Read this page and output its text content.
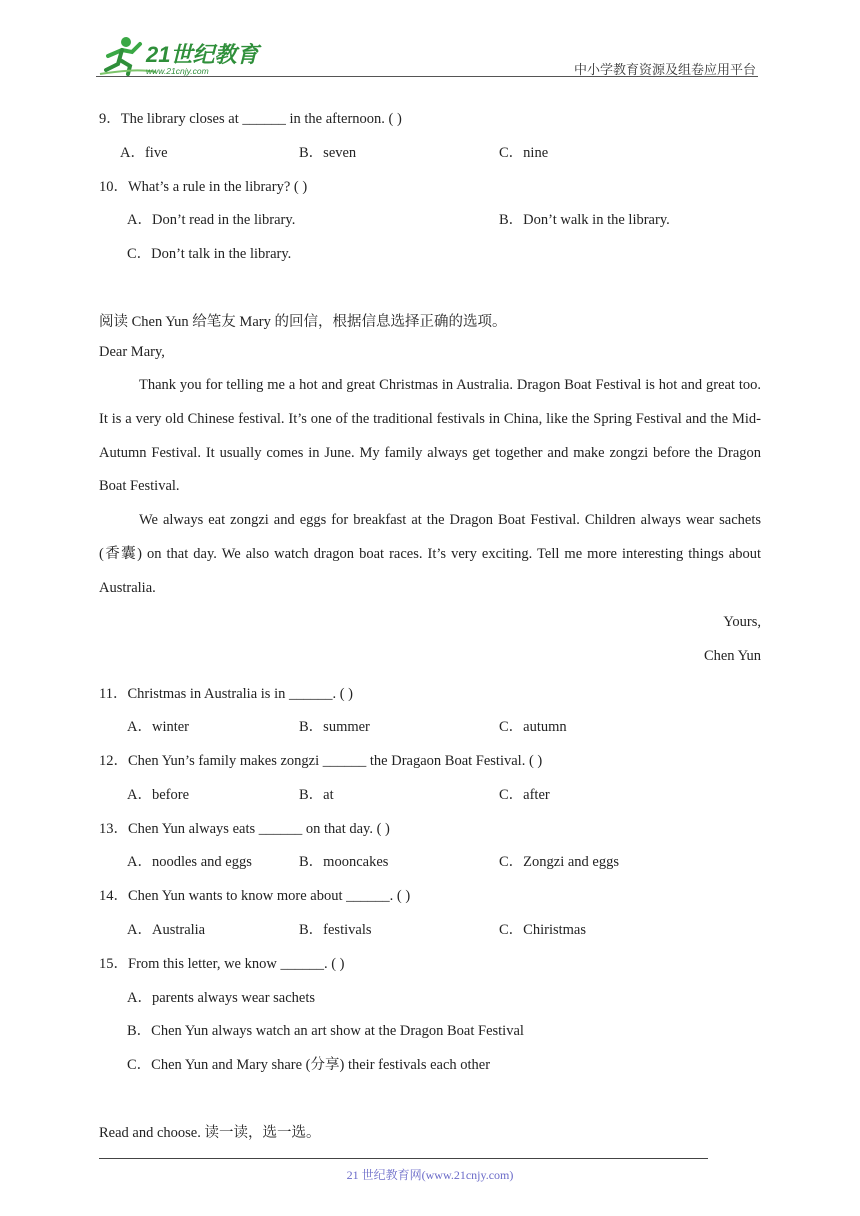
21世纪教育
www.21cnjy.com	中小学教育资源及组卷应用平台
9．The library closes at ______ in the afternoon. ( )
A．five	B．seven	C．nine
10．What’s a rule in the library? ( )
A．Don’t read in the library.	B．Don’t walk in the library.
C．Don’t talk in the library.
阅读 Chen Yun 给笔友 Mary 的回信，根据信息选择正确的选项。
Dear Mary,
Thank you for telling me a hot and great Christmas in Australia. Dragon Boat Festival is hot and great too. It is a very old Chinese festival. It’s one of the traditional festivals in China, like the Spring Festival and the Mid-Autumn Festival. It usually comes in June. My family always get together and make zongzi before the Dragon Boat Festival.
We always eat zongzi and eggs for breakfast at the Dragon Boat Festival. Children always wear sachets (香囊) on that day. We also watch dragon boat races. It’s very exciting. Tell me more interesting things about Australia.
Yours,
Chen Yun
11．Christmas in Australia is in ______. ( )
A．winter	B．summer	C．autumn
12．Chen Yun’s family makes zongzi ______ the Dragaon Boat Festival. ( )
A．before	B．at	C．after
13．Chen Yun always eats ______ on that day. ( )
A．noodles and eggs	B．mooncakes	C．Zongzi and eggs
14．Chen Yun wants to know more about ______. ( )
A．Australia	B．festivals	C．Chiristmas
15．From this letter, we know ______. ( )
A．parents always wear sachets
B．Chen Yun always watch an art show at the Dragon Boat Festival
C．Chen Yun and Mary share (分享) their festivals each other
Read and choose. 读一读，选一选。
21 世纪教育网(www.21cnjy.com)
